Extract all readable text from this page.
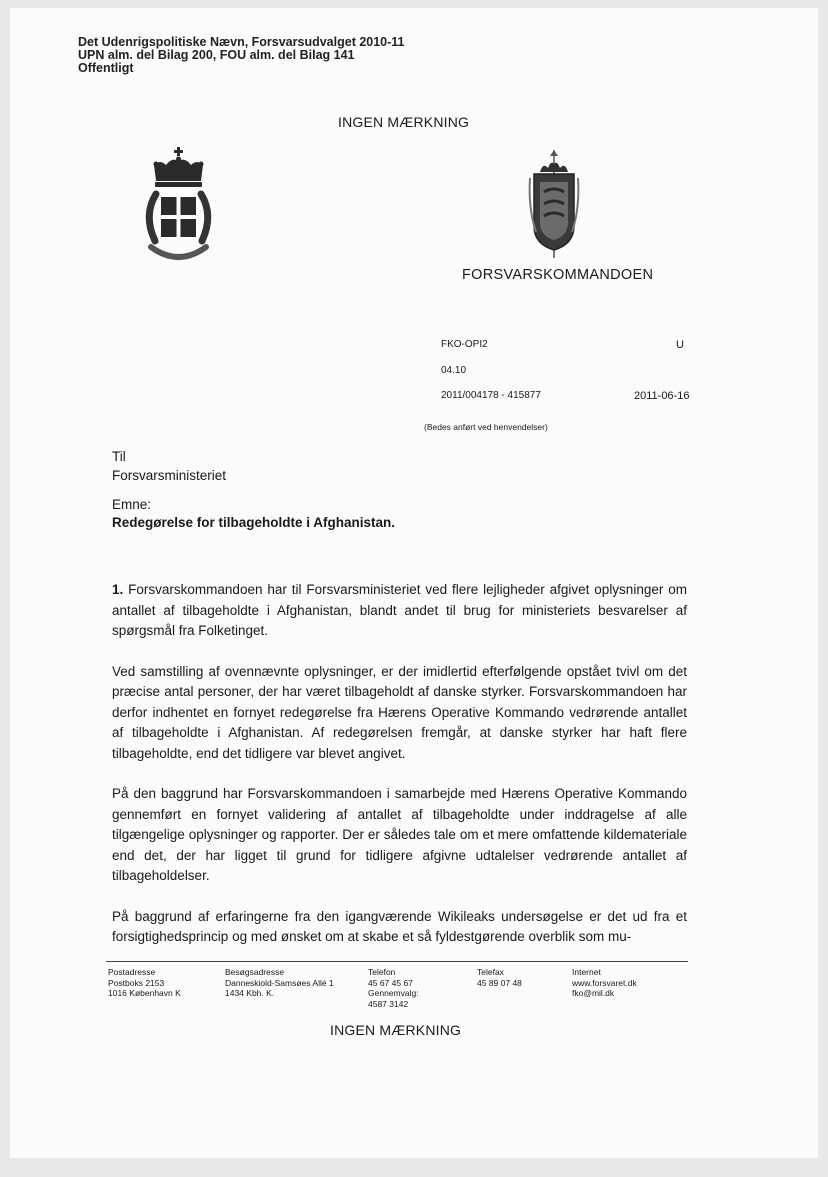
Det Udenrigspolitiske Nævn, Forsvarsudvalget 2010-11
UPN alm. del Bilag 200, FOU alm. del Bilag 141
Offentligt
INGEN MÆRKNING
FORSVARSKOMMANDOEN
FKO-OPI2	U
04.10
2011/004178 - 415877	2011-06-16
(Bedes anført ved henvendelser)
Til
Forsvarsministeriet
Emne:
Redegørelse for tilbageholdte i Afghanistan.

1. Forsvarskommandoen har til Forsvarsministeriet ved flere lejligheder afgivet oplysninger om antallet af tilbageholdte i Afghanistan, blandt andet til brug for ministeriets besvarelser af spørgsmål fra Folketinget.

Ved samstilling af ovennævnte oplysninger, er der imidlertid efterfølgende opstået tvivl om det præcise antal personer, der har været tilbageholdt af danske styrker. Forsvarskommandoen har derfor indhentet en fornyet redegørelse fra Hærens Operative Kommando vedrørende antallet af tilbageholdte i Afghanistan. Af redegørelsen fremgår, at danske styrker har haft flere tilbageholdte, end det tidligere var blevet angivet.

På den baggrund har Forsvarskommandoen i samarbejde med Hærens Operative Kommando gennemført en fornyet validering af antallet af tilbageholdte under inddragelse af alle tilgængelige oplysninger og rapporter. Der er således tale om et mere omfattende kildemateriale end det, der har ligget til grund for tidligere afgivne udtalelser vedrørende antallet af tilbageholdelser.

På baggrund af erfaringerne fra den igangværende Wikileaks undersøgelse er det ud fra et forsigtighedsprincip og med ønsket om at skabe et så fyldestgørende overblik som mu-

Postadresse
Postboks 2153
1016 København K
Besøgsadresse
Danneskiold-Samsøes Allé 1
1434 Kbh. K.
Telefon
45 67 45 67
Gennemvalg:
4587 3142
Telefax
45 89 07 48
Internet
www.forsvaret.dk
fko@mil.dk
INGEN MÆRKNING
